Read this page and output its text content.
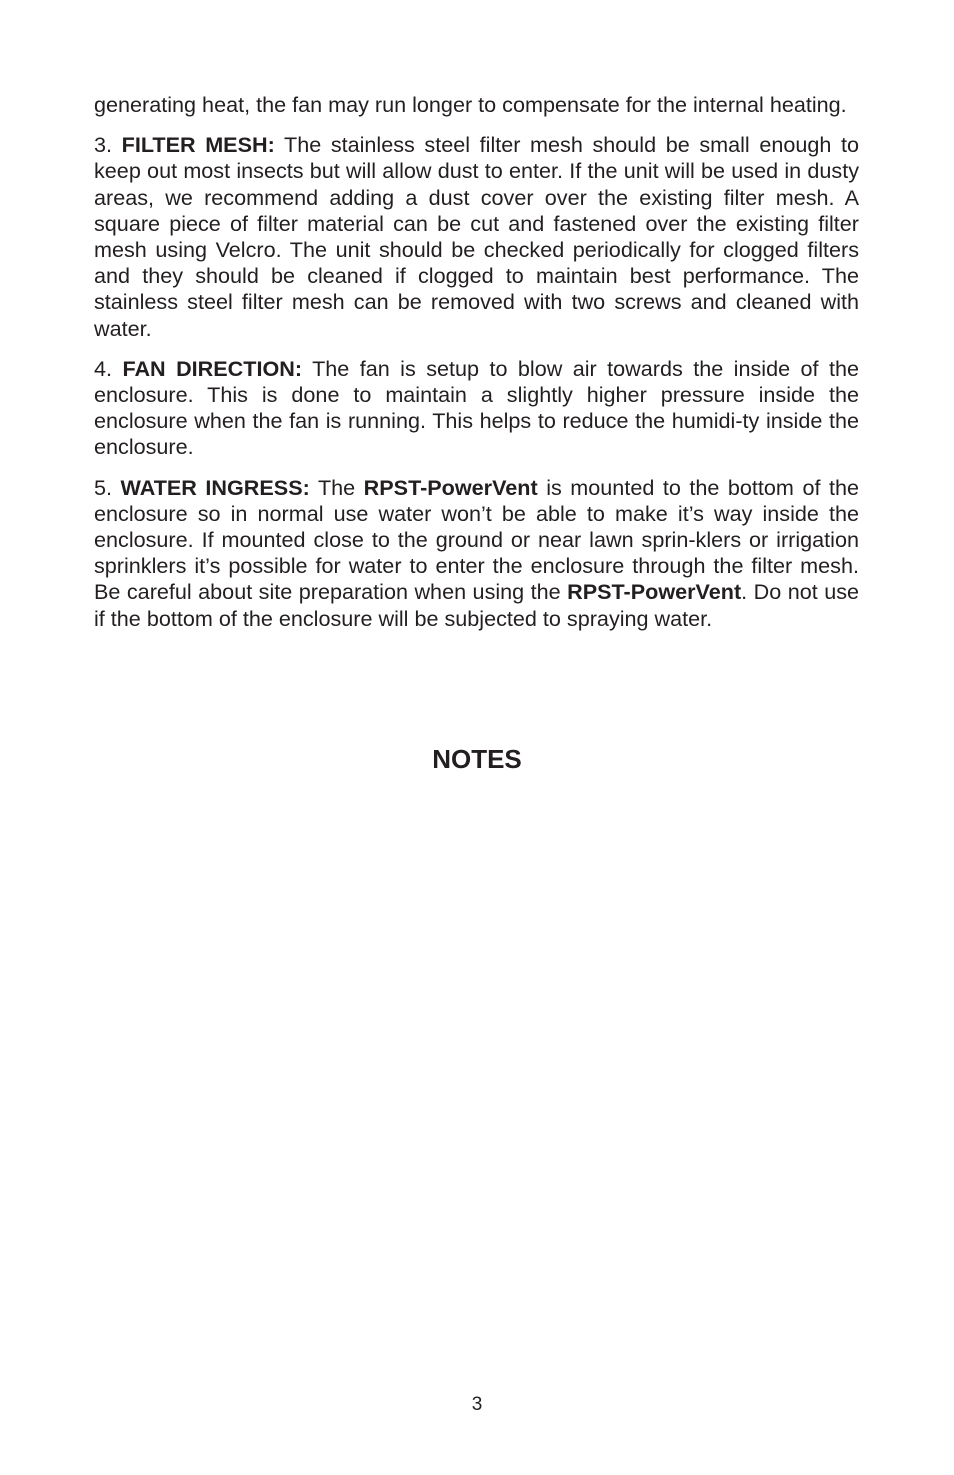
generating heat, the fan may run longer to compensate for the internal heating.

3. FILTER MESH: The stainless steel filter mesh should be small enough to keep out most insects but will allow dust to enter. If the unit will be used in dusty areas, we recommend adding a dust cover over the existing filter mesh. A square piece of filter material can be cut and fastened over the existing filter mesh using Velcro. The unit should be checked periodically for clogged filters and they should be cleaned if clogged to maintain best performance. The stainless steel filter mesh can be removed with two screws and cleaned with water.

4. FAN DIRECTION: The fan is setup to blow air towards the inside of the enclosure. This is done to maintain a slightly higher pressure inside the enclosure when the fan is running. This helps to reduce the humidi-ty inside the enclosure.

5. WATER INGRESS: The RPST-PowerVent is mounted to the bottom of the enclosure so in normal use water won’t be able to make it’s way inside the enclosure. If mounted close to the ground or near lawn sprin-klers or irrigation sprinklers it’s possible for water to enter the enclosure through the filter mesh. Be careful about site preparation when using the RPST-PowerVent. Do not use if the bottom of the enclosure will be subjected to spraying water.

NOTES
3
